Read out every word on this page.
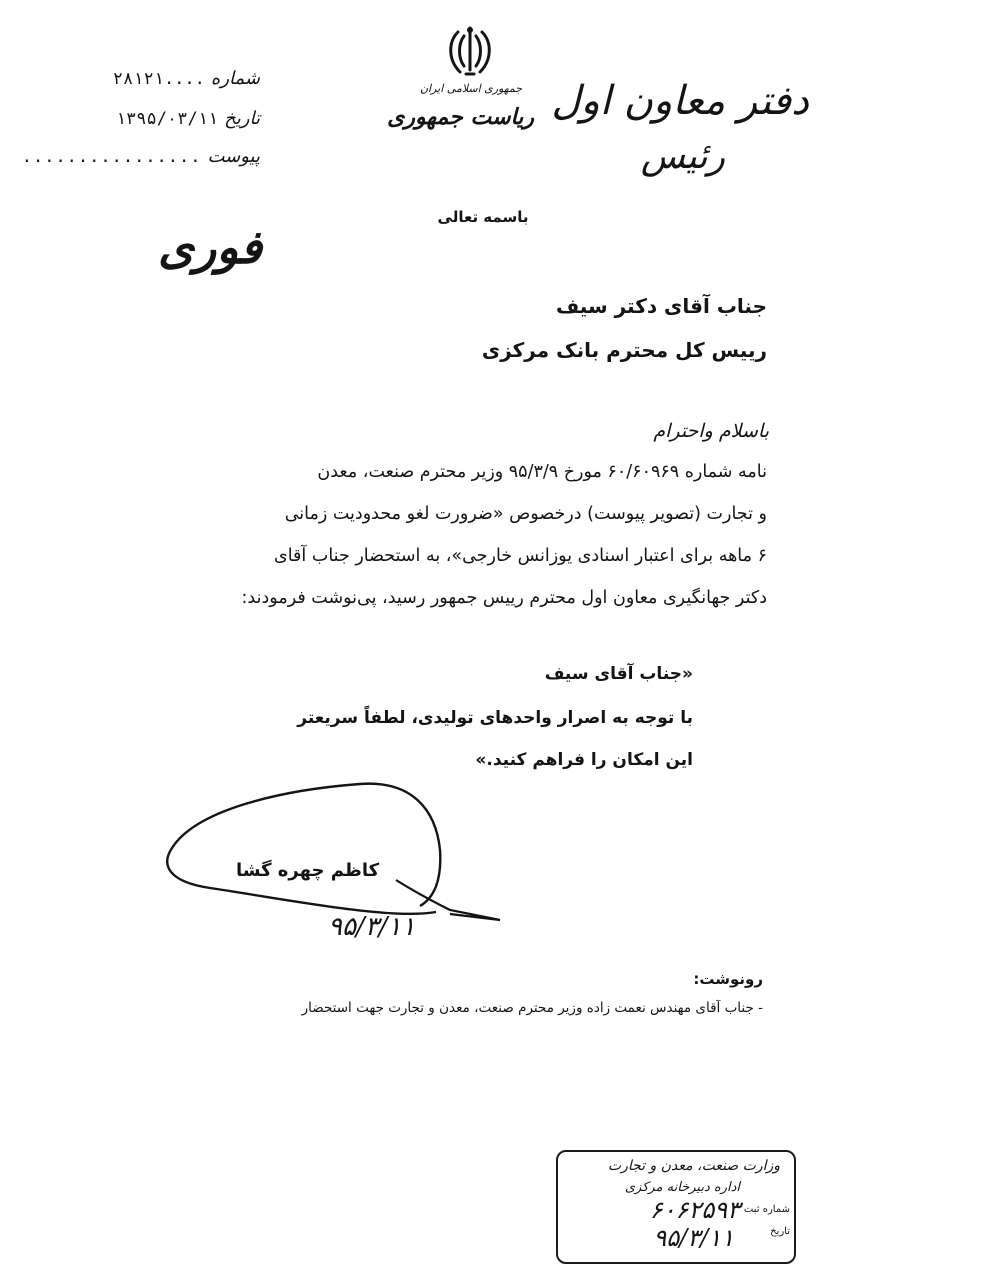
جمهوری اسلامی ایران
ریاست جمهوری دفتر معاون اول
رئیس
شماره
۲۸۱۲۱....
تاریخ
۱۳۹۵/۰۳/۱۱
پیوست
................
فوری
باسمه تعالی
جناب آقای دکتر سیف
رییس کل محترم بانک مرکزی
باسلام واحترام
نامه شماره ۶۰/۶۰۹۶۹ مورخ ۹۵/۳/۹ وزیر محترم صنعت، معدن
و تجارت (تصویر پیوست) درخصوص «ضرورت لغو محدودیت زمانی
۶ ماهه برای اعتبار اسنادی یوزانس خارجی»، به استحضار جناب آقای
دکتر جهانگیری معاون اول محترم رییس جمهور رسید، پی‌نوشت فرمودند:
«جناب آقای سیف
با توجه به اصرار واحدهای تولیدی، لطفاً سریعتر
این امکان را فراهم کنید.»
کاظم چهره گشا
۹۵/۳/۱۱
رونوشت:
- جناب آقای مهندس نعمت زاده وزیر محترم صنعت، معدن و تجارت جهت استحضار
وزارت صنعت، معدن و تجارت
اداره دبیرخانه مرکزی
شماره ثبت
۶۰۶۲۵۹۳
تاریخ
۹۵/۳/۱۱
